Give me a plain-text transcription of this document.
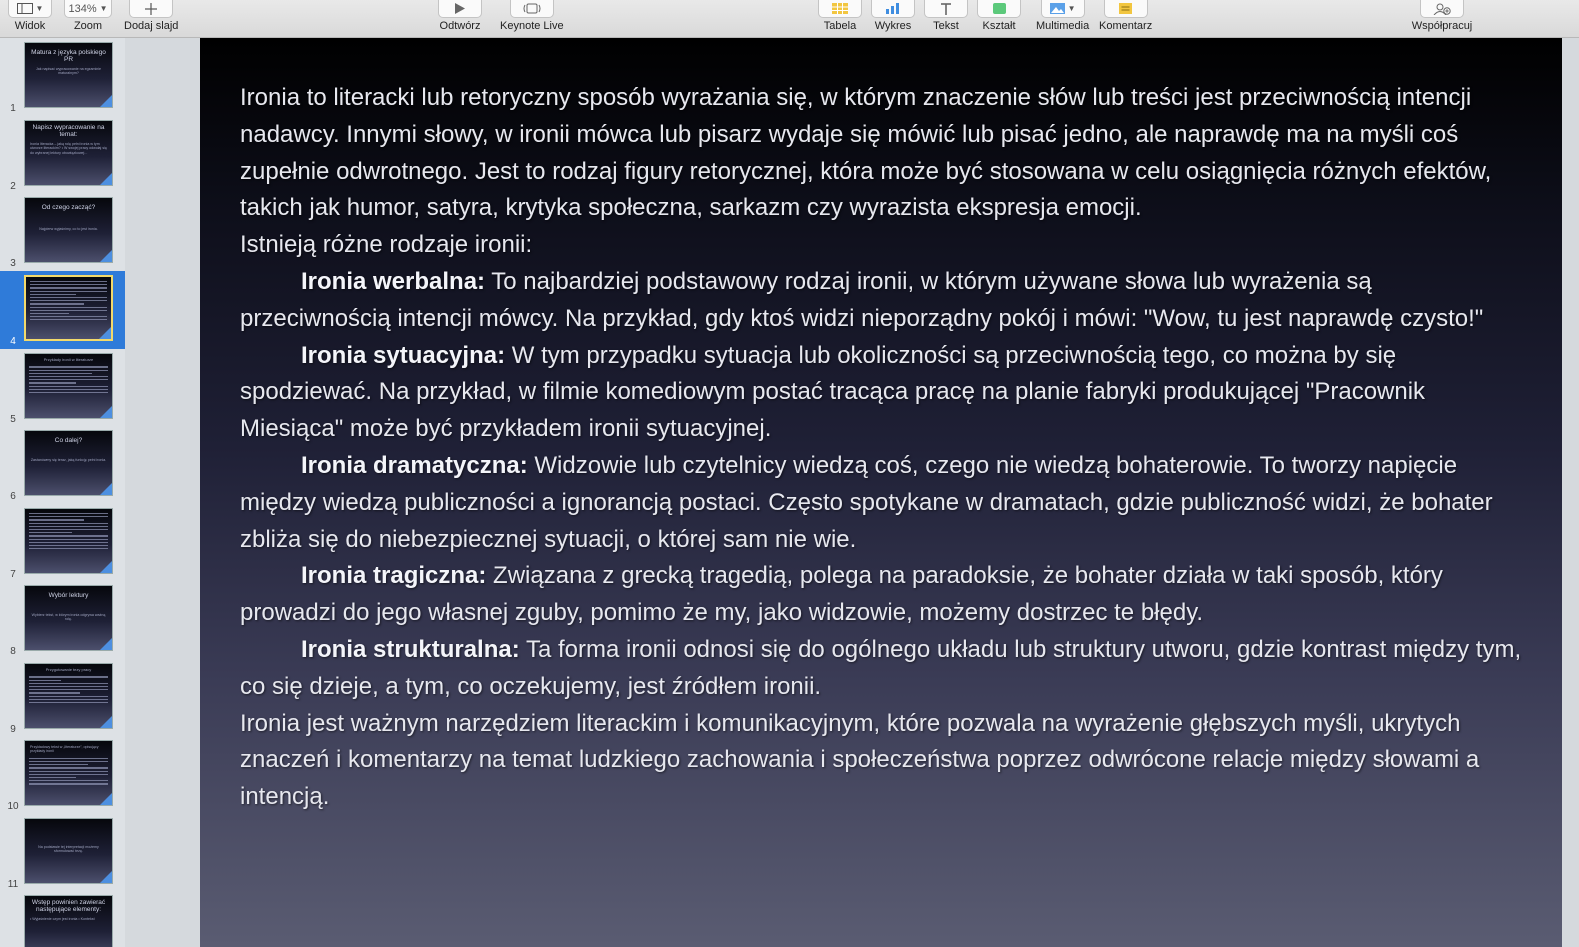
▼
Widok
134% ▼
Zoom Dodaj slajd	Odtwórz Keynote Live	Tabela Wykres Tekst Kształt
▼
Multimedia Komentarz	Współpracuj
Matura z języka polskiego PR
Jak napisać wypracowanie na egzaminie maturalnym?
1
Napisz wypracowanie na temat:
Ironia literacka – jaką rolę pełni ironia w tym utworze literackim? • W swojej pracy odwołaj się do wybranej lektury obowiązkowej...
2
Od czego zacząć?
Najpierw wyjaśnimy, co to jest ironia.
3
4
Przykłady ironii w literaturze
5
Co dalej?
Zastanówmy się teraz, jaką funkcję pełni ironia.
6
7
Wybór lektury
Wybierz tekst, w którym ironia odgrywa ważną rolę.
8
Przygotowanie tezy pracy
9
Przykładowy tekst w „literaturze”, opisujący przykłady ironii
10
Na podstawie tej interpretacji możemy sformułować tezę.
11
Wstęp powinien zawierać następujące elementy:
• Wyjaśnienie czym jest ironia • Kontekst

Ironia to literacki lub retoryczny sposób wyrażania się, w którym znaczenie słów lub treści jest przeciwnością intencji nadawcy. Innymi słowy, w ironii mówca lub pisarz wydaje się mówić lub pisać jedno, ale naprawdę ma na myśli coś zupełnie odwrotnego. Jest to rodzaj figury retorycznej, która może być stosowana w celu osiągnięcia różnych efektów, takich jak humor, satyra, krytyka społeczna, sarkazm czy wyrazista ekspresja emocji.

Istnieją różne rodzaje ironii:

Ironia werbalna: To najbardziej podstawowy rodzaj ironii, w którym używane słowa lub wyrażenia są przeciwnością intencji mówcy. Na przykład, gdy ktoś widzi nieporządny pokój i mówi: "Wow, tu jest naprawdę czysto!"

Ironia sytuacyjna: W tym przypadku sytuacja lub okoliczności są przeciwnością tego, co można by się spodziewać. Na przykład, w filmie komediowym postać tracąca pracę na planie fabryki produkującej "Pracownik Miesiąca" może być przykładem ironii sytuacyjnej.

Ironia dramatyczna: Widzowie lub czytelnicy wiedzą coś, czego nie wiedzą bohaterowie. To tworzy napięcie między wiedzą publiczności a ignorancją postaci. Często spotykane w dramatach, gdzie publiczność widzi, że bohater zbliża się do niebezpiecznej sytuacji, o której sam nie wie.

Ironia tragiczna: Związana z grecką tragedią, polega na paradoksie, że bohater działa w taki sposób, który prowadzi do jego własnej zguby, pomimo że my, jako widzowie, możemy dostrzec te błędy.

Ironia strukturalna: Ta forma ironii odnosi się do ogólnego układu lub struktury utworu, gdzie kontrast między tym, co się dzieje, a tym, co oczekujemy, jest źródłem ironii.

Ironia jest ważnym narzędziem literackim i komunikacyjnym, które pozwala na wyrażenie głębszych myśli, ukrytych znaczeń i komentarzy na temat ludzkiego zachowania i społeczeństwa poprzez odwrócone relacje między słowami a intencją.
